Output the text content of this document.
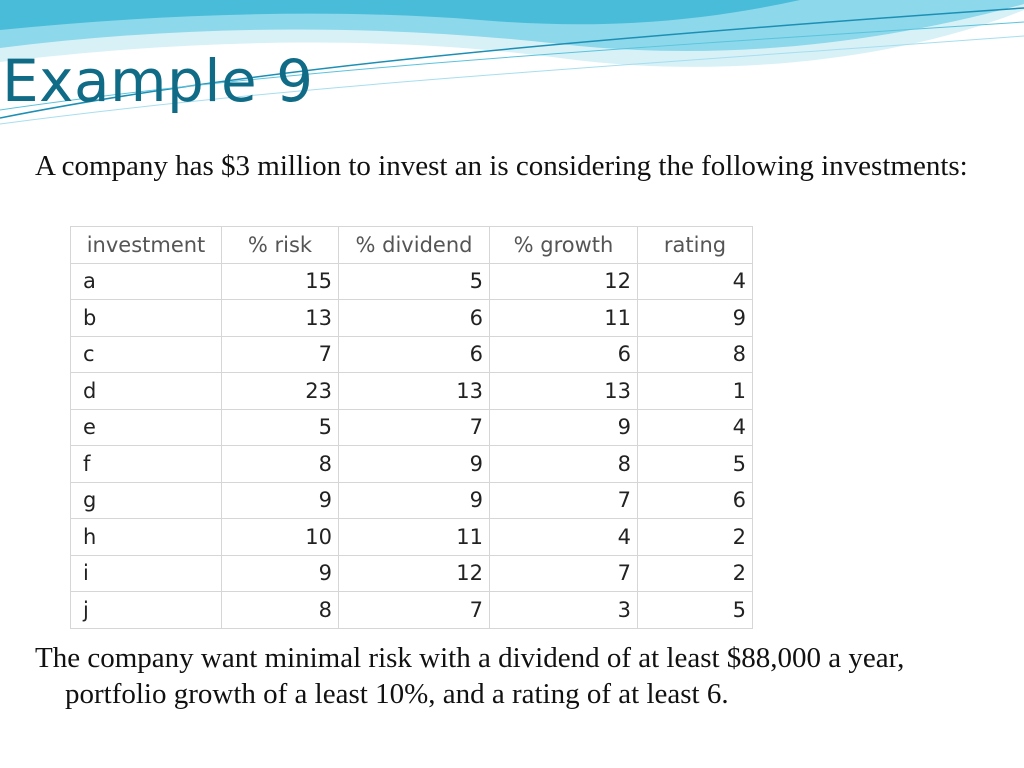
Example 9
A company has $3 million to invest an is considering the following investments:
investment	% risk	% dividend	% growth	rating
a	15	5	12	4
b	13	6	11	9
c	7	6	6	8
d	23	13	13	1
e	5	7	9	4
f	8	9	8	5
g	9	9	7	6
h	10	11	4	2
i	9	12	7	2
j	8	7	3	5
The company want minimal risk with a dividend of at least $88,000 a year, portfolio growth of a least 10%, and a rating of at least 6.
